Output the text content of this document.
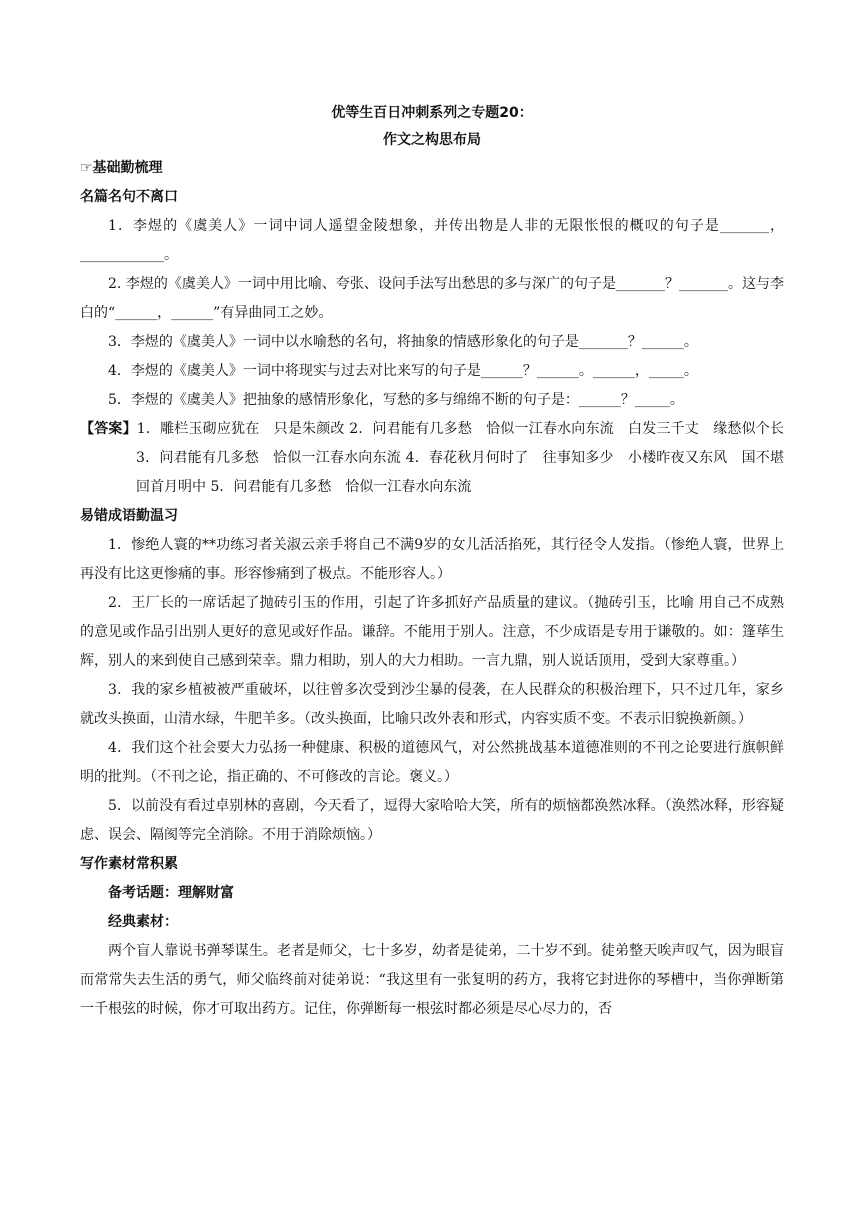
优等生百日冲刺系列之专题20：
作文之构思布局
☞基础勤梳理
名篇名句不离口

1．李煜的《虞美人》一词中词人遥望金陵想象，并传出物是人非的无限怅恨的概叹的句子是_______，____________。

2. 李煜的《虞美人》一词中用比喻、夸张、设问手法写出愁思的多与深广的句子是_______？_______。这与李白的“______，______”有异曲同工之妙。

3．李煜的《虞美人》一词中以水喻愁的名句，将抽象的情感形象化的句子是_______？______。

4．李煜的《虞美人》一词中将现实与过去对比来写的句子是______？______。______，_____。

5．李煜的《虞美人》把抽象的感情形象化，写愁的多与绵绵不断的句子是：______？_____。

【答案】1．雕栏玉砌应犹在　只是朱颜改 2．问君能有几多愁　恰似一江春水向东流　白发三千丈　缘愁似个长 3．问君能有几多愁　恰似一江春水向东流 4．春花秋月何时了　往事知多少　小楼昨夜又东风　国不堪回首月明中 5．问君能有几多愁　恰似一江春水向东流

易错成语勤温习

1．惨绝人寰的**功练习者关淑云亲手将自己不满9岁的女儿活活掐死，其行径令人发指。（惨绝人寰，世界上再没有比这更惨痛的事。形容惨痛到了极点。不能形容人。）

2．王厂长的一席话起了抛砖引玉的作用，引起了许多抓好产品质量的建议。（抛砖引玉，比喻 用自己不成熟的意见或作品引出别人更好的意见或好作品。谦辞。不能用于别人。注意，不少成语是专用于谦敬的。如：篷荜生辉，别人的来到使自己感到荣幸。鼎力相助，别人的大力相助。一言九鼎，别人说话顶用，受到大家尊重。）

3．我的家乡植被被严重破坏，以往曾多次受到沙尘暴的侵袭，在人民群众的积极治理下，只不过几年，家乡就改头换面，山清水绿，牛肥羊多。（改头换面，比喻只改外表和形式，内容实质不变。不表示旧貌换新颜。）

4．我们这个社会要大力弘扬一种健康、积极的道德风气，对公然挑战基本道德准则的不刊之论要进行旗帜鲜明的批判。（不刊之论，指正确的、不可修改的言论。褒义。）

5．以前没有看过卓别林的喜剧，今天看了，逗得大家哈哈大笑，所有的烦恼都涣然冰释。（涣然冰释，形容疑虑、误会、隔阂等完全消除。不用于消除烦恼。）

写作素材常积累
备考话题：理解财富
经典素材：

两个盲人靠说书弹琴谋生。老者是师父，七十多岁，幼者是徒弟，二十岁不到。徒弟整天唉声叹气，因为眼盲而常常失去生活的勇气，师父临终前对徒弟说：“我这里有一张复明的药方，我将它封进你的琴槽中，当你弹断第一千根弦的时候，你才可取出药方。记住，你弹断每一根弦时都必须是尽心尽力的，否
